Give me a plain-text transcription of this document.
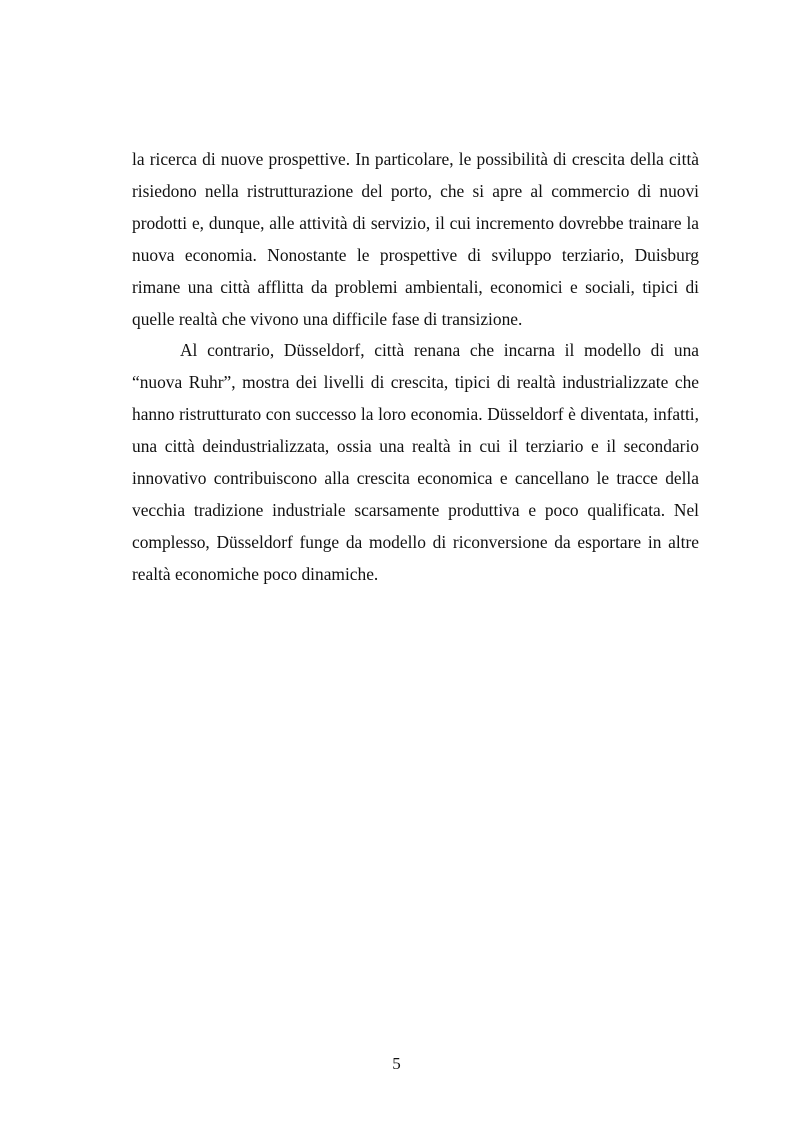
la ricerca di nuove prospettive. In particolare, le possibilità di crescita della città risiedono nella ristrutturazione del porto, che si apre al commercio di nuovi prodotti e, dunque, alle attività di servizio, il cui incremento dovrebbe trainare la nuova economia. Nonostante le prospettive di sviluppo terziario, Duisburg rimane una città afflitta da problemi ambientali, economici e sociali, tipici di quelle realtà che vivono una difficile fase di transizione.

Al contrario, Düsseldorf, città renana che incarna il modello di una “nuova Ruhr”, mostra dei livelli di crescita, tipici di realtà industrializzate che hanno ristrutturato con successo la loro economia. Düsseldorf è diventata, infatti, una città deindustrializzata, ossia una realtà in cui il terziario e il secondario innovativo contribuiscono alla crescita economica e cancellano le tracce della vecchia tradizione industriale scarsamente produttiva e poco qualificata. Nel complesso, Düsseldorf funge da modello di riconversione da esportare in altre realtà economiche poco dinamiche.

5
